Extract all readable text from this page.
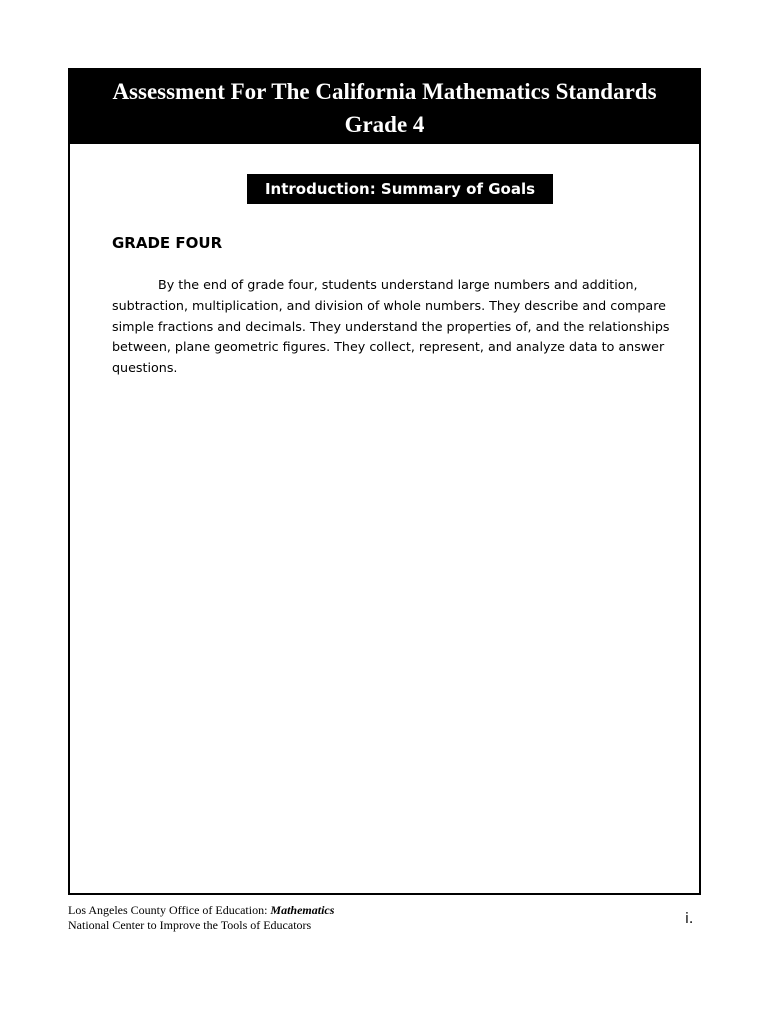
Assessment For The California Mathematics Standards
Grade 4
Introduction: Summary of Goals
GRADE FOUR

By the end of grade four, students understand large numbers and addition, subtraction, multiplication, and division of whole numbers. They describe and compare simple fractions and decimals. They understand the properties of, and the relationships between, plane geometric figures. They collect, represent, and analyze data to answer questions.

Los Angeles County Office of Education: Mathematics
National Center to Improve the Tools of Educators	i.
